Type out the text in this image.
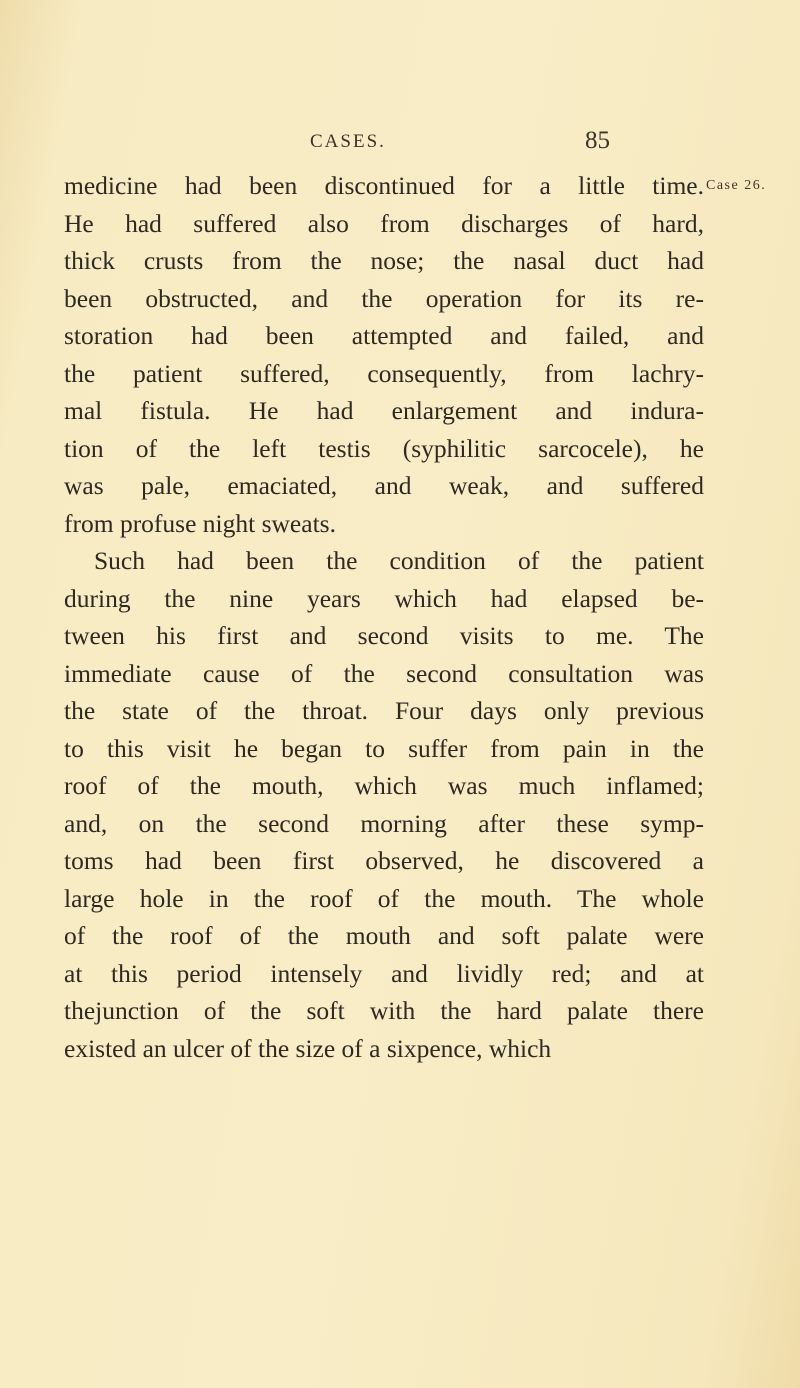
CASES.	85
Case 26.
medicine had been discontinued for a little time.
He had suffered also from discharges of hard,
thick crusts from the nose; the nasal duct had
been obstructed, and the operation for its re-
storation had been attempted and failed, and
the patient suffered, consequently, from lachry-
mal fistula. He had enlargement and indura-
tion of the left testis (syphilitic sarcocele), he
was pale, emaciated, and weak, and suffered
from profuse night sweats.
Such had been the condition of the patient
during the nine years which had elapsed be-
tween his first and second visits to me. The
immediate cause of the second consultation was
the state of the throat. Four days only previous
to this visit he began to suffer from pain in the
roof of the mouth, which was much inflamed;
and, on the second morning after these symp-
toms had been first observed, he discovered a
large hole in the roof of the mouth. The whole
of the roof of the mouth and soft palate were
at this period intensely and lividly red; and at
thejunction of the soft with the hard palate there
existed an ulcer of the size of a sixpence, which
